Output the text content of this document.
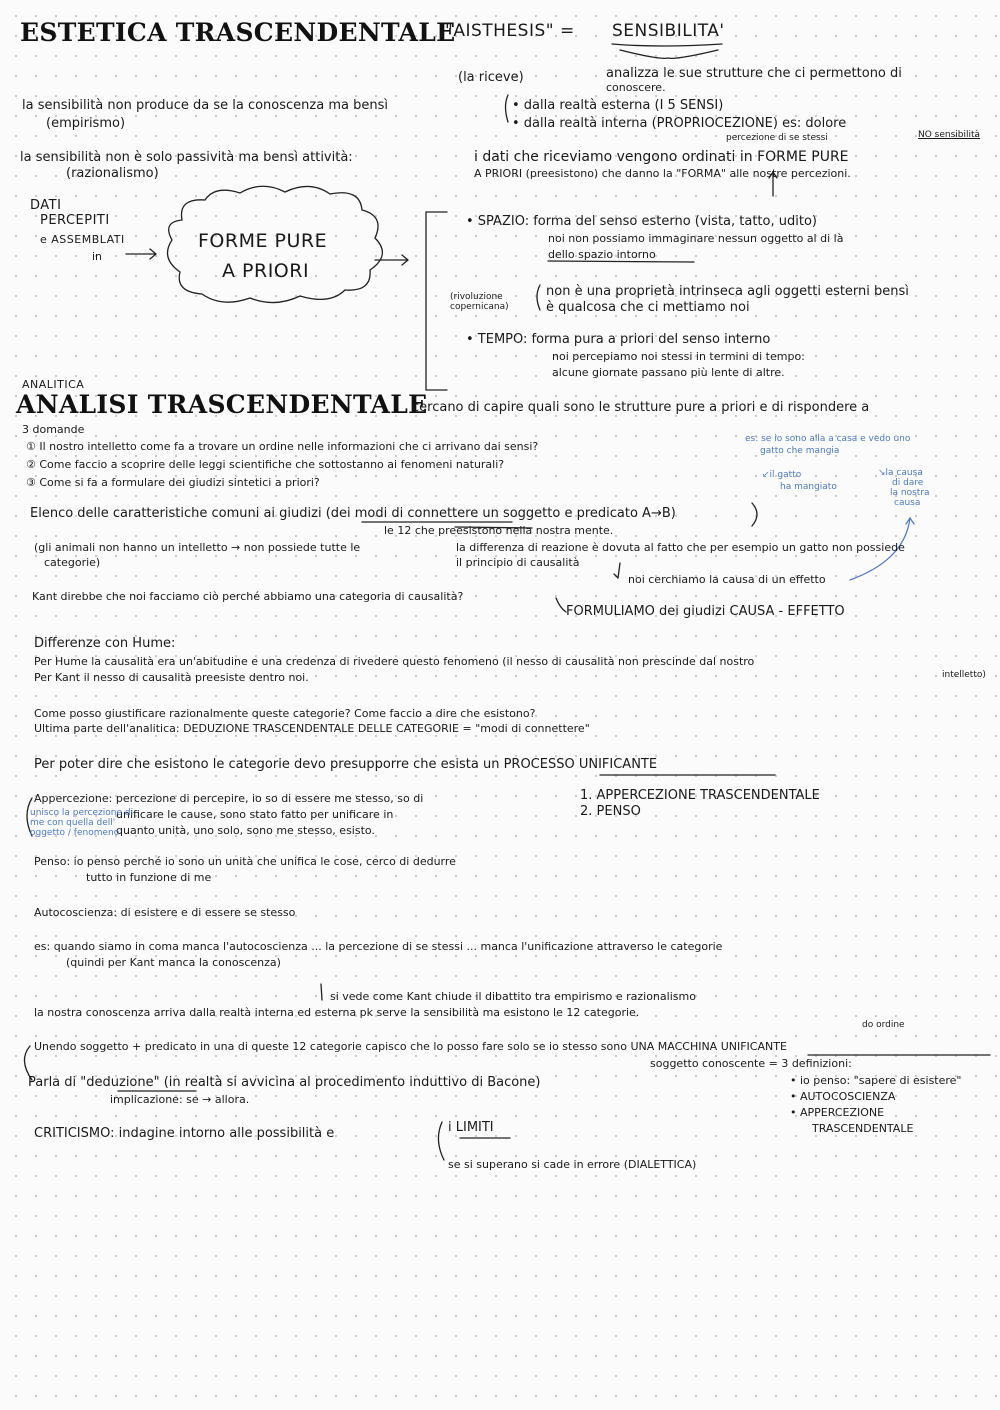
ESTETICA TRASCENDENTALE
"AISTHESIS" = SENSIBILITA'
analizza le sue strutture che ci permettono di
conoscere.
(la riceve)
la sensibilità non produce da se la conoscenza ma bensì
(empirismo)
• dalla realtà esterna (I 5 SENSI)
• dalla realtà interna (PROPRIOCEZIONE) es: dolore
percezione di se stessi	NO sensibilità
la sensibilità non è solo passività ma bensì attività:
(razionalismo)
i dati che riceviamo vengono ordinati in FORME PURE
A PRIORI (preesistono) che danno la "FORMA" alle nostre percezioni.
DATI
PERCEPITI
e ASSEMBLATI
in
FORME PURE
A PRIORI
• SPAZIO: forma del senso esterno (vista, tatto, udito)
noi non possiamo immaginare nessun oggetto al di là
dello spazio intorno
(rivoluzione copernicana)
non è una proprietà intrinseca agli oggetti esterni bensì
è qualcosa che ci mettiamo noi
• TEMPO: forma pura a priori del senso interno
noi percepiamo noi stessi in termini di tempo:
alcune giornate passano più lente di altre.
ANALITICA
ANALISI TRASCENDENTALE
cercano di capire quali sono le strutture pure a priori e di rispondere a
3 domande
① Il nostro intelletto come fa a trovare un ordine nelle informazioni che ci arrivano dai sensi?
② Come faccio a scoprire delle leggi scientifiche che sottostanno ai fenomeni naturali?
③ Come si fa a formulare dei giudizi sintetici a priori?
es: se io sono alla a casa e vedo uno
gatto che mangia
↙il gatto
ha mangiato
↘la causa
di dare
la nostra
causa
Elenco delle caratteristiche comuni ai giudizi (dei modi di connettere un soggetto e predicato A→B)
le 12 che preesistono nella nostra mente.
(gli animali non hanno un intelletto → non possiede tutte le
categorie)
la differenza di reazione è dovuta al fatto che per esempio un gatto non possiede
il principio di causalità
noi cerchiamo la causa di un effetto
Kant direbbe che noi facciamo ciò perché abbiamo una categoria di causalità?
FORMULIAMO dei giudizi CAUSA - EFFETTO
Differenze con Hume:
Per Hume la causalità era un'abitudine e una credenza di rivedere questo fenomeno (il nesso di causalità non prescinde dal nostro
intelletto)
Per Kant il nesso di causalità preesiste dentro noi.
Come posso giustificare razionalmente queste categorie? Come faccio a dire che esistono?
Ultima parte dell'analitica: DEDUZIONE TRASCENDENTALE DELLE CATEGORIE = "modi di connettere"
Per poter dire che esistono le categorie devo presupporre che esista un PROCESSO UNIFICANTE
1. APPERCEZIONE TRASCENDENTALE
2. PENSO
Appercezione: percezione di percepire, io so di essere me stesso, so di
unificare le cause, sono stato fatto per unificare in
quanto unità, uno solo, sono me stesso, esisto.
unisco la percezione di
me con quella dell'
oggetto / fenomeno
Penso: io penso perché io sono un unità che unifica le cose, cerco di dedurre
tutto in funzione di me
Autocoscienza: di esistere e di essere se stesso
es: quando siamo in coma manca l'autocoscienza ... la percezione di se stessi ... manca l'unificazione attraverso le categorie
(quindi per Kant manca la conoscenza)
si vede come Kant chiude il dibattito tra empirismo e razionalismo
la nostra conoscenza arriva dalla realtà interna ed esterna pk serve la sensibilità ma esistono le 12 categorie.
do ordine
Unendo soggetto + predicato in una di queste 12 categorie capisco che lo posso fare solo se io stesso sono UNA MACCHINA UNIFICANTE
soggetto conoscente = 3 definizioni:
• io penso: "sapere di esistere"
• AUTOCOSCIENZA
• APPERCEZIONE
TRASCENDENTALE
Parla di "deduzione" (in realtà si avvicina al procedimento induttivo di Bacone)
implicazione: se → allora.
CRITICISMO: indagine intorno alle possibilità e	i LIMITI
se si superano si cade in errore (DIALETTICA)
